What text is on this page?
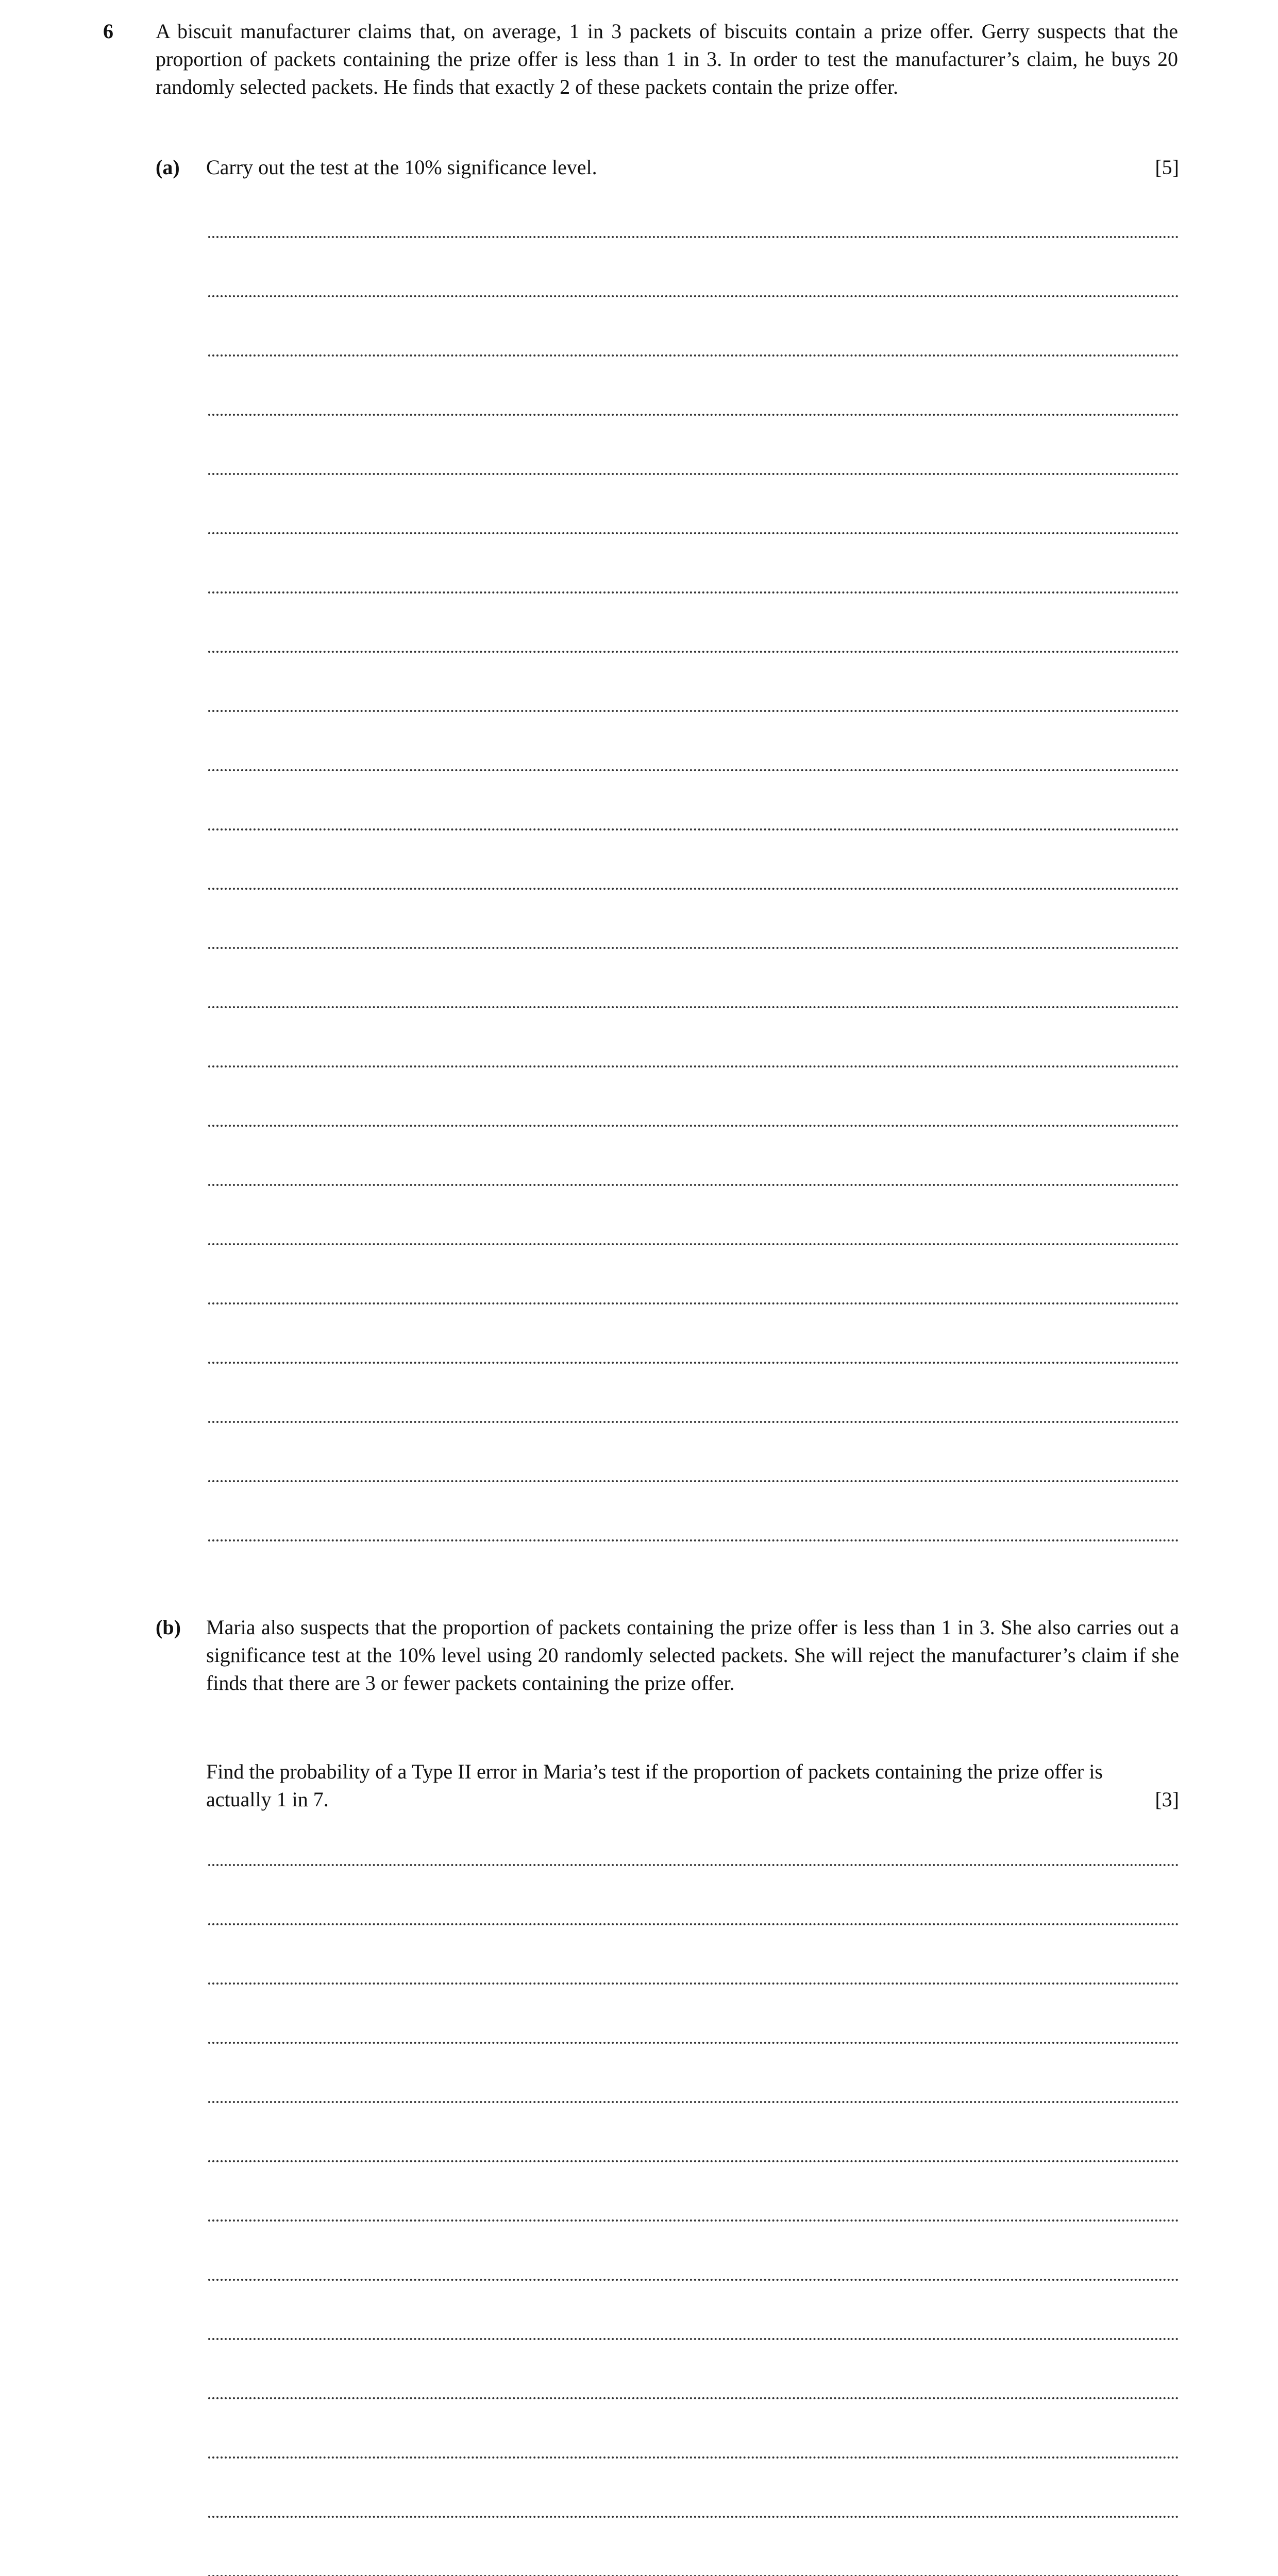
6 A biscuit manufacturer claims that, on average, 1 in 3 packets of biscuits contain a prize offer. Gerry suspects that the proportion of packets containing the prize offer is less than 1 in 3. In order to test the manufacturer’s claim, he buys 20 randomly selected packets. He finds that exactly 2 of these packets contain the prize offer.
(a) Carry out the test at the 10% significance level.	[5]
(b) Maria also suspects that the proportion of packets containing the prize offer is less than 1 in 3. She also carries out a significance test at the 10% level using 20 randomly selected packets. She will reject the manufacturer’s claim if she finds that there are 3 or fewer packets containing the prize offer.
Find the probability of a Type II error in Maria’s test if the proportion of packets containing the prize offer is actually 1 in 7.	[3]
